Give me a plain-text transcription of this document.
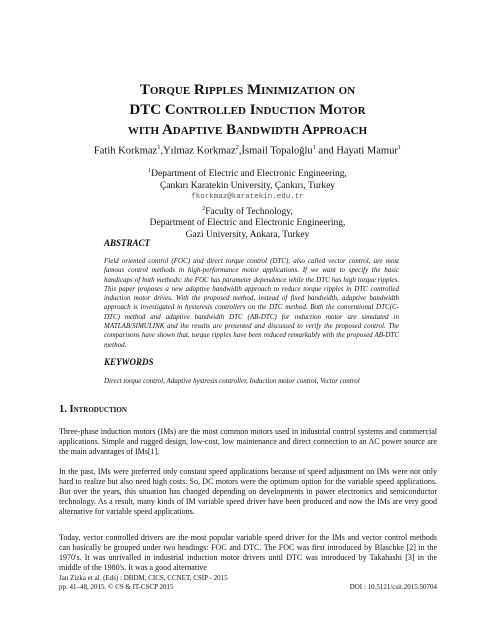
Torque Ripples Minimization on
DTC Controlled Induction Motor
with Adaptive Bandwidth Approach
Fatih Korkmaz$^1$,Yılmaz Korkmaz$^2$,İsmail Topaloğlu$^1$ and Hayati Mamur$^1$
$^1$Department of Electric and Electronic Engineering,
Çankırı Karatekin University, Çankırı, Turkey
fkorkmaz@karatekin.edu.tr
$^2$Faculty of Technology,
Department of Electric and Electronic Engineering,
Gazi University, Ankara, Turkey
ABSTRACT
Field oriented control (FOC) and direct torque control (DTC), also called vector control, are most famous control methods in high-performance motor applications. If we want to specify the basic handicaps of both methods: the FOC has parameter dependence while the DTC has high torque ripples. This paper proposes a new adaptive bandwidth approach to reduce torque ripples in DTC controlled induction motor drives. With the proposed method, instead of fixed bandwidth, adaptive bandwidth approach is investigated in hysteresis controllers on the DTC method. Both the conventional DTC(C-DTC) method and adaptive bandwidth DTC (AB-DTC) for induction motor are simulated in MATLAB/SIMULINK and the results are presented and discussed to verify the proposed control. The comparisons have shown that, torque ripples have been reduced remarkably with the proposed AB-DTC method.
KEYWORDS
Direct torque control, Adaptive hystresis controller, Induction motor control, Vector control
1. Introduction
Three-phase induction motors (IMs) are the most common motors used in industrial control systems and commercial applications. Simple and rugged design, low-cost, low maintenance and direct connection to an AC power source are the main advantages of IMs[1].
In the past, IMs were preferred only constant speed applications because of speed adjustment on IMs were not only hard to realize but also need high costs. So, DC motors were the optimum option for the variable speed applications. But over the years, this situation has changed depending on developments in power electronics and semiconductor technology. As a result, many kinds of IM variable speed driver have been produced and now the IMs are very good alternative for variable speed applications.
Today, vector controlled drivers are the most popular variable speed driver for the IMs and vector control methods can basically be grouped under two headings: FOC and DTC. The FOC was first introduced by Blaschke [2] in the 1970's. It was unrivalled in industrial induction motor drivers until DTC was introduced by Takahashi [3] in the middle of the 1980's. It was a good alternative
Jan Zizka et al. (Eds) : DBDM, CICS, CCNET, CSIP - 2015
pp. 41–48, 2015. © CS & IT-CSCP 2015	DOI : 10.5121/csit.2015.50704
